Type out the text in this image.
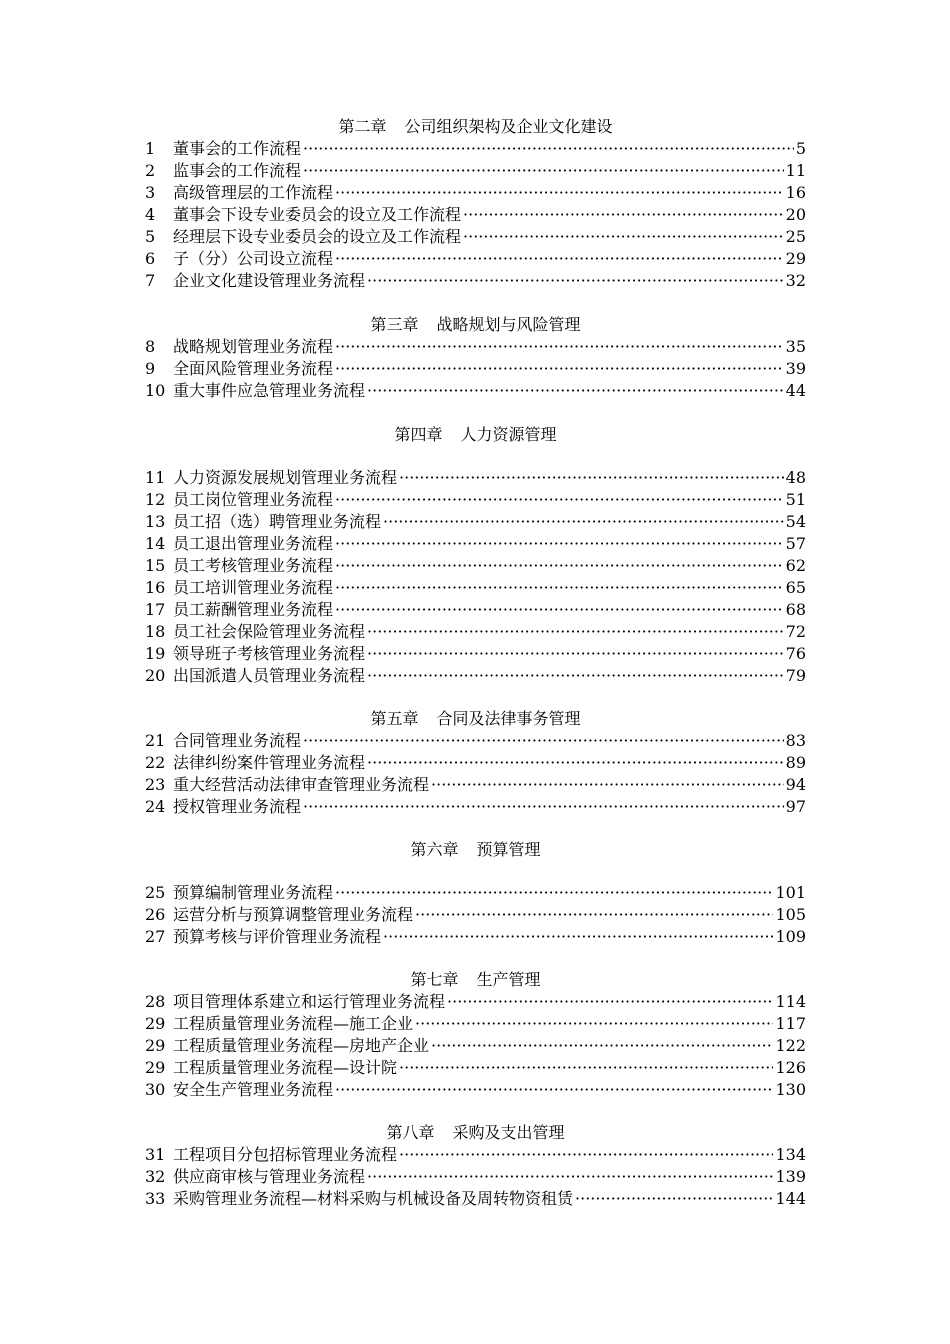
第二章 公司组织架构及企业文化建设
1	董事会的工作流程 ·····	5
2	监事会的工作流程 ·····	11
3	高级管理层的工作流程 ·····	16
4	董事会下设专业委员会的设立及工作流程 ·····	20
5	经理层下设专业委员会的设立及工作流程 ·····	25
6	子（分）公司设立流程 ·····	29
7	企业文化建设管理业务流程 ·····	32
第三章 战略规划与风险管理
8	战略规划管理业务流程 ·····	35
9	全面风险管理业务流程 ·····	39
10 重大事件应急管理业务流程 ·····	44
第四章 人力资源管理
11 人力资源发展规划管理业务流程 ·····	48
12 员工岗位管理业务流程 ·····	51
13 员工招（选）聘管理业务流程 ·····	54
14 员工退出管理业务流程 ·····	57
15 员工考核管理业务流程 ·····	62
16 员工培训管理业务流程 ·····	65
17 员工薪酬管理业务流程 ·····	68
18 员工社会保险管理业务流程 ·····	72
19 领导班子考核管理业务流程 ·····	76
20 出国派遣人员管理业务流程 ·····	79
第五章 合同及法律事务管理
21 合同管理业务流程 ·····	83
22 法律纠纷案件管理业务流程 ·····	89
23 重大经营活动法律审查管理业务流程 ·····	94
24 授权管理业务流程 ·····	97
第六章 预算管理
25 预算编制管理业务流程 ·····	101
26 运营分析与预算调整管理业务流程 ·····	105
27 预算考核与评价管理业务流程 ·····	109
第七章 生产管理
28 项目管理体系建立和运行管理业务流程 ·····	114
29 工程质量管理业务流程—施工企业 ·····	117
29 工程质量管理业务流程—房地产企业 ·····	122
29 工程质量管理业务流程—设计院 ·····	126
30 安全生产管理业务流程 ·····	130
第八章 采购及支出管理
31 工程项目分包招标管理业务流程 ·····	134
32 供应商审核与管理业务流程 ·····	139
33 采购管理业务流程—材料采购与机械设备及周转物资租赁 ·····	144
